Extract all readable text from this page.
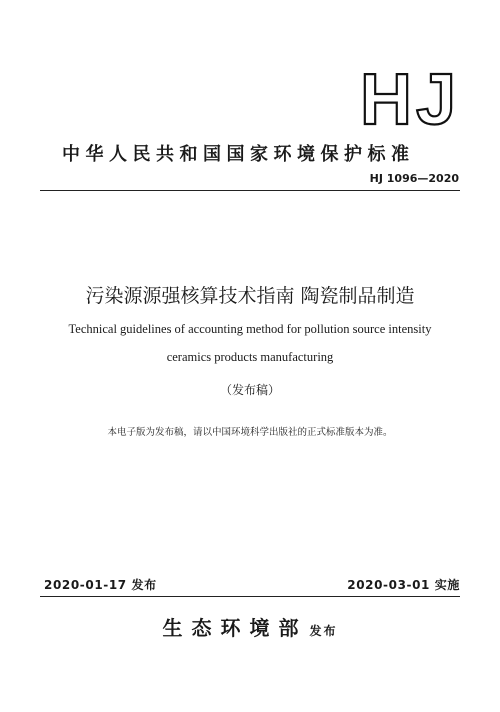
HJ
中华人民共和国国家环境保护标准
HJ 1096—2020
污染源源强核算技术指南 陶瓷制品制造
Technical guidelines of accounting method for pollution source intensity
ceramics products manufacturing
（发布稿）
本电子版为发布稿，请以中国环境科学出版社的正式标准版本为准。
2020-01-17 发布	2020-03-01 实施
生态环境部 发布
